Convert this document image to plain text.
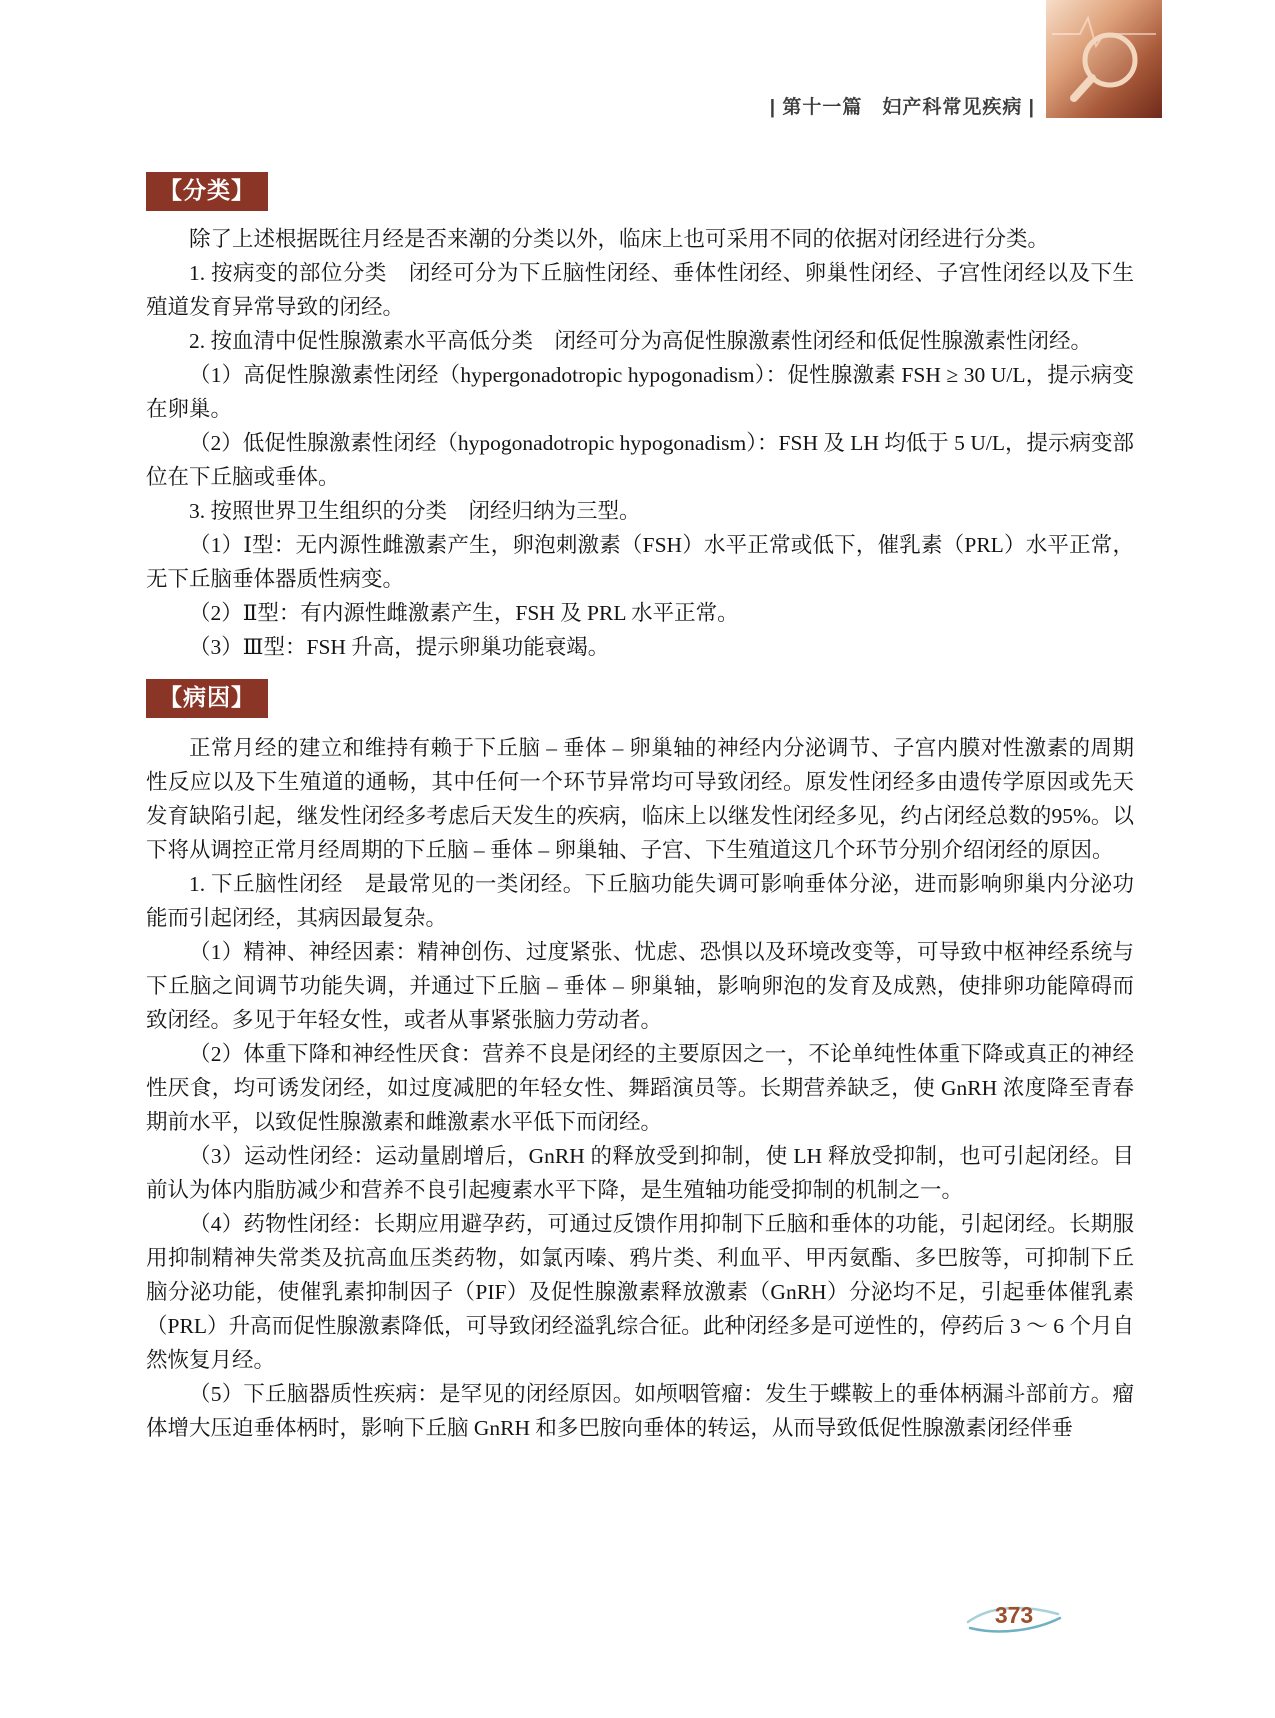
| 第十一篇　妇产科常见疾病 |
【分类】

除了上述根据既往月经是否来潮的分类以外，临床上也可采用不同的依据对闭经进行分类。

1. 按病变的部位分类　闭经可分为下丘脑性闭经、垂体性闭经、卵巢性闭经、子宫性闭经以及下生殖道发育异常导致的闭经。

2. 按血清中促性腺激素水平高低分类　闭经可分为高促性腺激素性闭经和低促性腺激素性闭经。

（1）高促性腺激素性闭经（hypergonadotropic hypogonadism）：促性腺激素 FSH ≥ 30 U/L，提示病变在卵巢。

（2）低促性腺激素性闭经（hypogonadotropic hypogonadism）：FSH 及 LH 均低于 5 U/L，提示病变部位在下丘脑或垂体。

3. 按照世界卫生组织的分类　闭经归纳为三型。

（1）Ⅰ型：无内源性雌激素产生，卵泡刺激素（FSH）水平正常或低下，催乳素（PRL）水平正常，无下丘脑垂体器质性病变。

（2）Ⅱ型：有内源性雌激素产生，FSH 及 PRL 水平正常。

（3）Ⅲ型：FSH 升高，提示卵巢功能衰竭。

【病因】

正常月经的建立和维持有赖于下丘脑 – 垂体 – 卵巢轴的神经内分泌调节、子宫内膜对性激素的周期性反应以及下生殖道的通畅，其中任何一个环节异常均可导致闭经。原发性闭经多由遗传学原因或先天发育缺陷引起，继发性闭经多考虑后天发生的疾病，临床上以继发性闭经多见，约占闭经总数的95%。以下将从调控正常月经周期的下丘脑 – 垂体 – 卵巢轴、子宫、下生殖道这几个环节分别介绍闭经的原因。

1. 下丘脑性闭经　是最常见的一类闭经。下丘脑功能失调可影响垂体分泌，进而影响卵巢内分泌功能而引起闭经，其病因最复杂。

（1）精神、神经因素：精神创伤、过度紧张、忧虑、恐惧以及环境改变等，可导致中枢神经系统与下丘脑之间调节功能失调，并通过下丘脑 – 垂体 – 卵巢轴，影响卵泡的发育及成熟，使排卵功能障碍而致闭经。多见于年轻女性，或者从事紧张脑力劳动者。

（2）体重下降和神经性厌食：营养不良是闭经的主要原因之一，不论单纯性体重下降或真正的神经性厌食，均可诱发闭经，如过度减肥的年轻女性、舞蹈演员等。长期营养缺乏，使 GnRH 浓度降至青春期前水平，以致促性腺激素和雌激素水平低下而闭经。

（3）运动性闭经：运动量剧增后，GnRH 的释放受到抑制，使 LH 释放受抑制，也可引起闭经。目前认为体内脂肪减少和营养不良引起瘦素水平下降，是生殖轴功能受抑制的机制之一。

（4）药物性闭经：长期应用避孕药，可通过反馈作用抑制下丘脑和垂体的功能，引起闭经。长期服用抑制精神失常类及抗高血压类药物，如氯丙嗪、鸦片类、利血平、甲丙氨酯、多巴胺等，可抑制下丘脑分泌功能，使催乳素抑制因子（PIF）及促性腺激素释放激素（GnRH）分泌均不足，引起垂体催乳素（PRL）升高而促性腺激素降低，可导致闭经溢乳综合征。此种闭经多是可逆性的，停药后 3 ～ 6 个月自然恢复月经。

（5）下丘脑器质性疾病：是罕见的闭经原因。如颅咽管瘤：发生于蝶鞍上的垂体柄漏斗部前方。瘤体增大压迫垂体柄时，影响下丘脑 GnRH 和多巴胺向垂体的转运，从而导致低促性腺激素闭经伴垂

373
